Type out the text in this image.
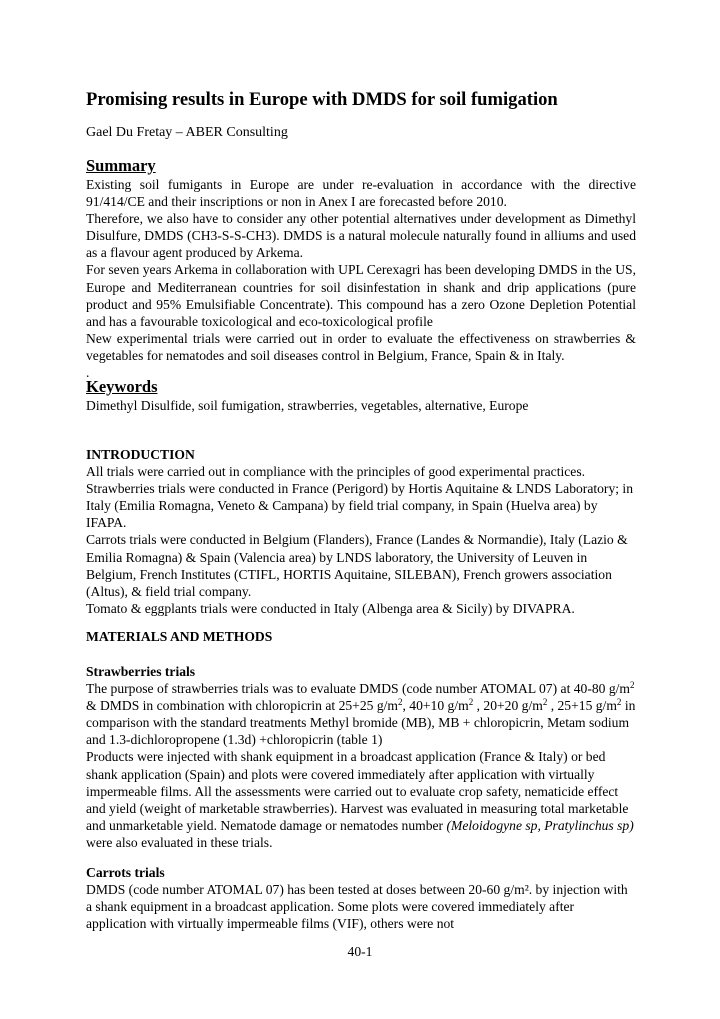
Promising results in Europe with DMDS for soil fumigation

Gael Du Fretay – ABER Consulting

Summary

Existing soil fumigants in Europe are under re-evaluation in accordance with the directive 91/414/CE and their inscriptions or non in Anex I are forecasted before 2010.

Therefore, we also have to consider any other potential alternatives under development as Dimethyl Disulfure, DMDS (CH3-S-S-CH3). DMDS is a natural molecule naturally found in alliums and used as a flavour agent produced by Arkema.

For seven years Arkema in collaboration with UPL Cerexagri has been developing DMDS in the US, Europe and Mediterranean countries for soil disinfestation in shank and drip applications (pure product and 95% Emulsifiable Concentrate). This compound has a zero Ozone Depletion Potential and has a favourable toxicological and eco-toxicological profile

New experimental trials were carried out in order to evaluate the effectiveness on strawberries & vegetables for nematodes and soil diseases control in Belgium, France, Spain & in Italy.

.

Keywords
Dimethyl Disulfide, soil fumigation, strawberries, vegetables, alternative, Europe

INTRODUCTION

All trials were carried out in compliance with the principles of good experimental practices.

Strawberries trials were conducted in France (Perigord) by Hortis Aquitaine & LNDS Laboratory; in Italy (Emilia Romagna, Veneto & Campana) by field trial company, in Spain (Huelva area) by IFAPA.

Carrots trials were conducted in Belgium (Flanders), France (Landes & Normandie), Italy (Lazio & Emilia Romagna) & Spain (Valencia area) by LNDS laboratory, the University of Leuven in Belgium, French Institutes (CTIFL, HORTIS Aquitaine, SILEBAN), French growers association (Altus), & field trial company.

Tomato & eggplants trials were conducted in Italy (Albenga area & Sicily) by DIVAPRA.

MATERIALS AND METHODS

Strawberries trials

The purpose of strawberries trials was to evaluate DMDS (code number ATOMAL 07) at 40-80 $g/m^2$ & DMDS in combination with chloropicrin at 25+25 $g/m^2$, 40+10 $g/m^2$ , 20+20 $g/m^2$ , 25+15 $g/m^2$ in comparison with the standard treatments Methyl bromide (MB), MB + chloropicrin, Metam sodium and 1.3-dichloropropene (1.3d) +chloropicrin (table 1)

Products were injected with shank equipment in a broadcast application (France & Italy) or bed shank application (Spain) and plots were covered immediately after application with virtually impermeable films. All the assessments were carried out to evaluate crop safety, nematicide effect and yield (weight of marketable strawberries). Harvest was evaluated in measuring total marketable and unmarketable yield. Nematode damage or nematodes number (Meloidogyne sp, Pratylinchus sp) were also evaluated in these trials.

Carrots trials

DMDS (code number ATOMAL 07) has been tested at doses between 20-60 g/m². by injection with a shank equipment in a broadcast application. Some plots were covered immediately after application with virtually impermeable films (VIF), others were not

40-1
